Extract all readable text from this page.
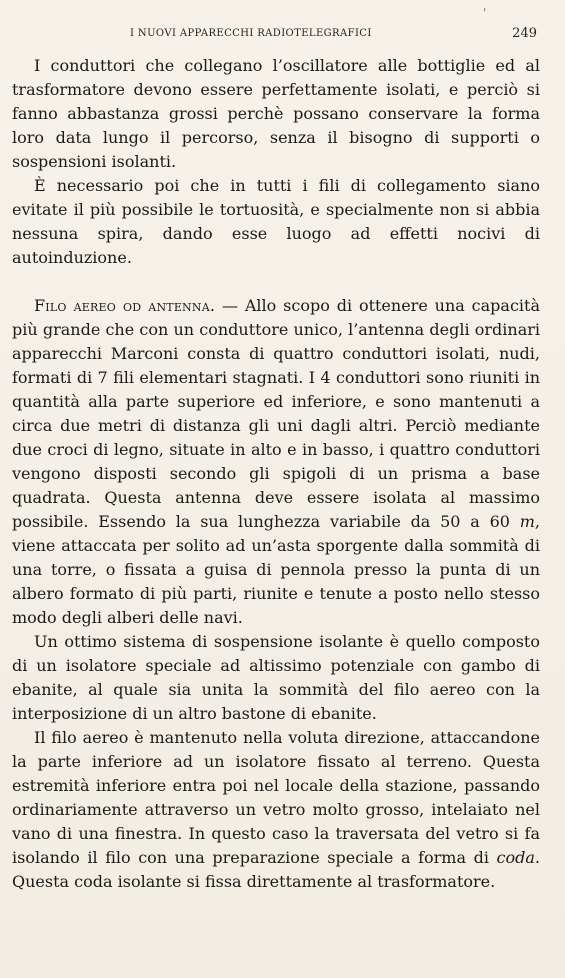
I NUOVI APPARECCHI RADIOTELEGRAFICI	249

I conduttori che collegano l’oscillatore alle bottiglie ed al trasformatore devono essere perfettamente isolati, e perciò si fanno abbastanza grossi perchè possano conservare la forma loro data lungo il percorso, senza il bisogno di supporti o sospensioni isolanti.

È necessario poi che in tutti i fili di collegamento siano evitate il più possibile le tortuosità, e specialmente non si abbia nessuna spira, dando esse luogo ad effetti nocivi di autoinduzione.

Filo aereo od antenna. — Allo scopo di ottenere una capacità più grande che con un conduttore unico, l’antenna degli ordinari apparecchi Marconi consta di quattro conduttori isolati, nudi, formati di 7 fili elementari stagnati. I 4 conduttori sono riuniti in quantità alla parte superiore ed inferiore, e sono mantenuti a circa due metri di distanza gli uni dagli altri. Perciò mediante due croci di legno, situate in alto e in basso, i quattro conduttori vengono disposti secondo gli spigoli di un prisma a base quadrata. Questa antenna deve essere isolata al massimo possibile. Essendo la sua lunghezza variabile da 50 a 60 m, viene attaccata per solito ad un’asta sporgente dalla sommità di una torre, o fissata a guisa di pennola presso la punta di un albero formato di più parti, riunite e tenute a posto nello stesso modo degli alberi delle navi.

Un ottimo sistema di sospensione isolante è quello composto di un isolatore speciale ad altissimo potenziale con gambo di ebanite, al quale sia unita la sommità del filo aereo con la interposizione di un altro bastone di ebanite.

Il filo aereo è mantenuto nella voluta direzione, attaccandone la parte inferiore ad un isolatore fissato al terreno. Questa estremità inferiore entra poi nel locale della stazione, passando ordinariamente attraverso un vetro molto grosso, intelaiato nel vano di una finestra. In questo caso la traversata del vetro si fa isolando il filo con una preparazione speciale a forma di coda. Questa coda isolante si fissa direttamente al trasformatore.

'
